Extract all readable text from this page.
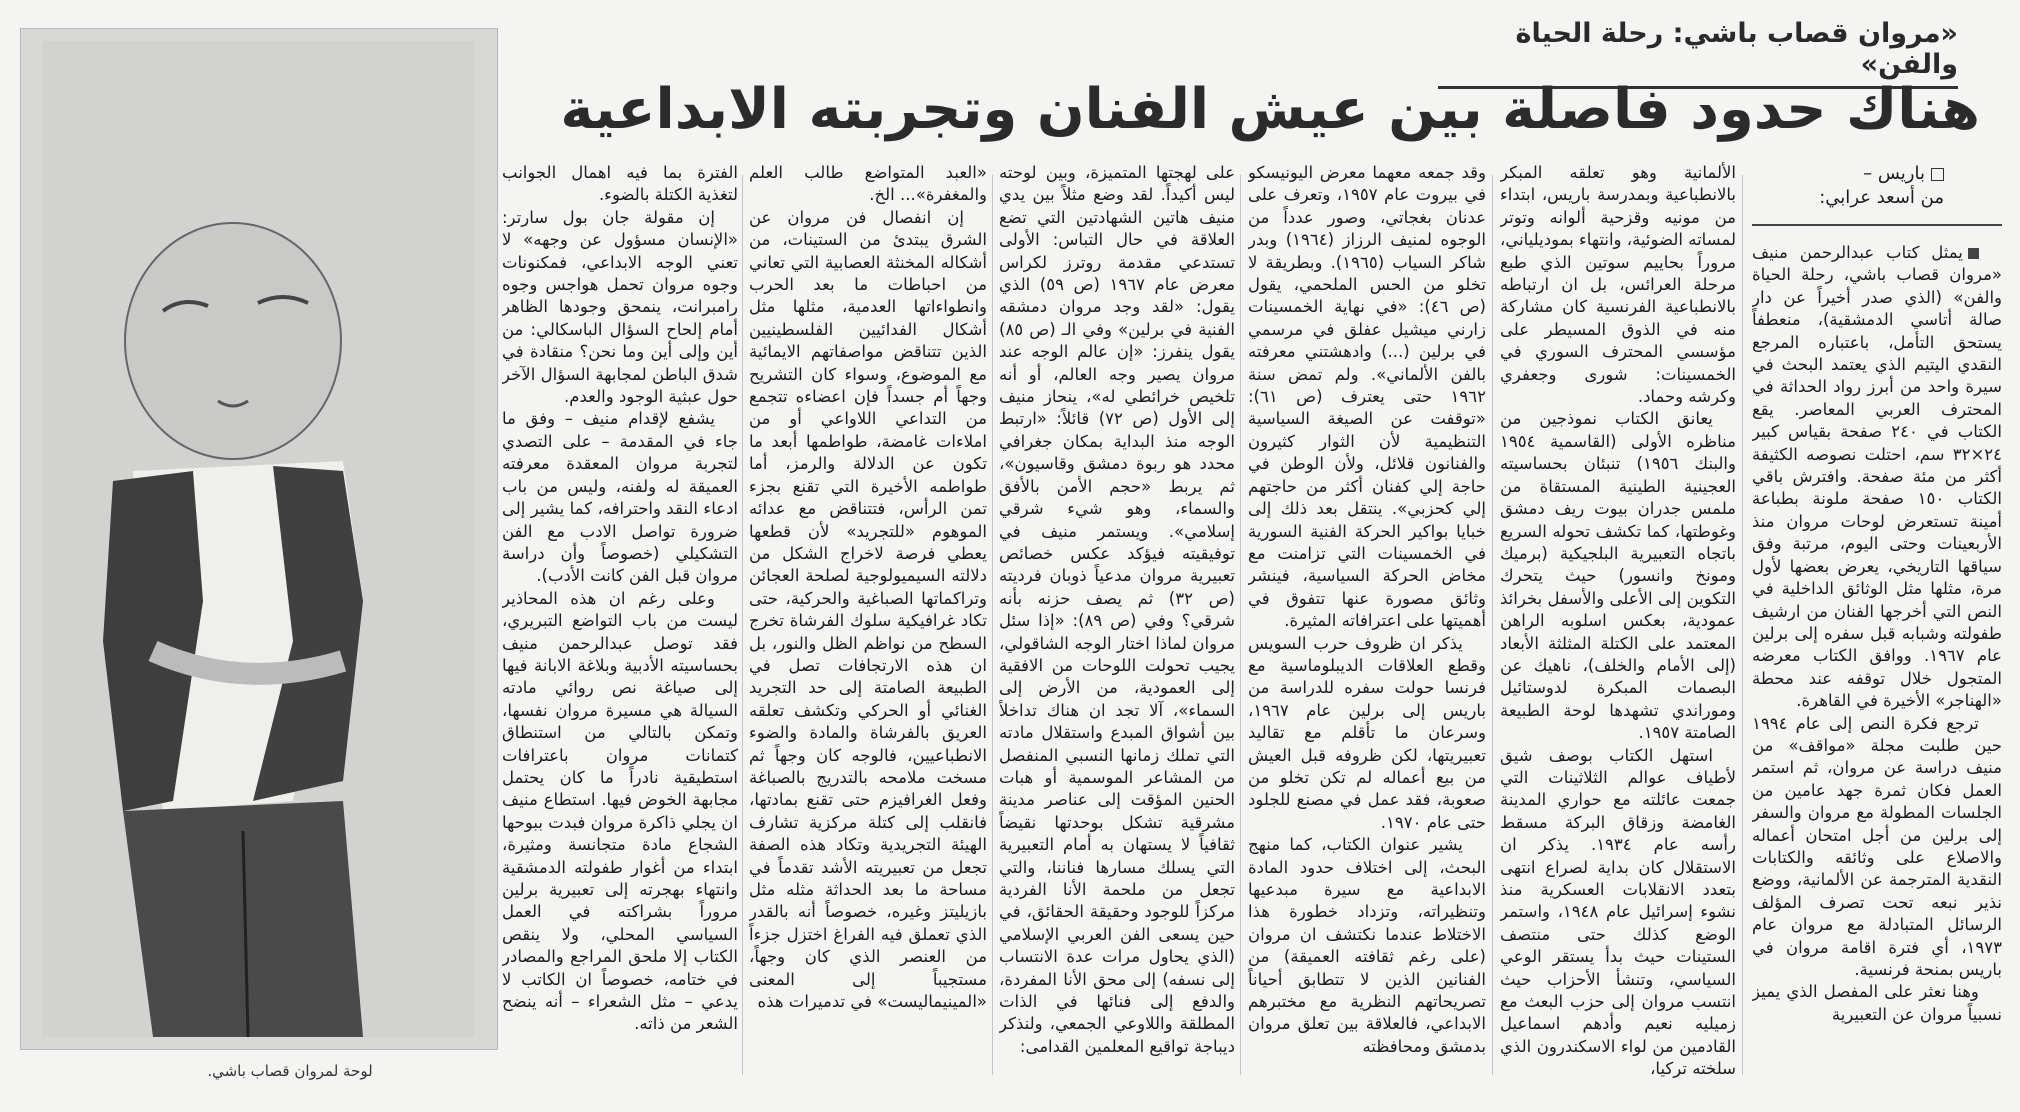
«مروان قصاب باشي: رحلة الحياة والفن»
هناك حدود فاصلة بين عيش الفنان وتجربته الابداعية
لوحة لمروان قصاب باشي.
باريس –
من أسعد عرابي:

يمثل كتاب عبدالرحمن منيف «مروان قصاب باشي، رحلة الحياة والفن» (الذي صدر أخيراً عن دار صالة أتاسي الدمشقية)، منعطفاً يستحق التأمل، باعتباره المرجع النقدي اليتيم الذي يعتمد البحث في سيرة واحد من أبرز رواد الحداثة في المحترف العربي المعاصر. يقع الكتاب في ٢٤٠ صفحة بقياس كبير ٢٤×٣٢ سم، احتلت نصوصه الكثيفة أكثر من مئة صفحة. وافترش باقي الكتاب ١٥٠ صفحة ملونة بطباعة أمينة تستعرض لوحات مروان منذ الأربعينات وحتى اليوم، مرتبة وفق سياقها التاريخي، يعرض بعضها لأول مرة، مثلها مثل الوثائق الداخلية في النص التي أخرجها الفنان من ارشيف طفولته وشبابه قبل سفره إلى برلين عام ١٩٦٧. ووافق الكتاب معرضه المتجول خلال توقفه عند محطة «الهناجر» الأخيرة في القاهرة.

ترجع فكرة النص إلى عام ١٩٩٤ حين طلبت مجلة «مواقف» من منيف دراسة عن مروان، ثم استمر العمل فكان ثمرة جهد عامين من الجلسات المطولة مع مروان والسفر إلى برلين من أجل امتحان أعماله والاصلاع على وثائقه والكتابات النقدية المترجمة عن الألمانية، ووضع نذير نبعه تحت تصرف المؤلف الرسائل المتبادلة مع مروان عام ١٩٧٣، أي فترة اقامة مروان في باريس بمنحة فرنسية.

وهنا نعثر على المفصل الذي يميز نسبياً مروان عن التعبيرية

الألمانية وهو تعلقه المبكر بالانطباعية وبمدرسة باريس، ابتداء من مونيه وقزحية ألوانه وتوتر لمساته الضوئية، وانتهاء بموديلياني، مروراً بحاييم سوتين الذي طبع مرحلة العرائس، بل ان ارتباطه بالانطباعية الفرنسية كان مشاركة منه في الذوق المسيطر على مؤسسي المحترف السوري في الخمسينات: شورى وجعفري وكرشه وحماد.

يعانق الكتاب نموذجين من مناظره الأولى (القاسمية ١٩٥٤ والبنك ١٩٥٦) تنبئان بحساسيته العجينية الطينية المستقاة من ملمس جدران بيوت ريف دمشق وغوطتها، كما تكشف تحوله السريع باتجاه التعبيرية البلجيكية (برميك ومونخ وانسور) حيث يتحرك التكوين إلى الأعلى والأسفل بخرائذ عمودية، بعكس اسلوبه الراهن المعتمد على الكتلة المثلثة الأبعاد (إلى الأمام والخلف)، ناهيك عن البصمات المبكرة لدوستائيل وموراندي تشهدها لوحة الطبيعة الصامتة ١٩٥٧.

استهل الكتاب بوصف شيق لأطياف عوالم الثلاثينات التي جمعت عائلته مع حواري المدينة الغامضة وزقاق البركة مسقط رأسه عام ١٩٣٤. يذكر ان الاستقلال كان بداية لصراع انتهى بتعدد الانقلابات العسكرية منذ نشوء إسرائيل عام ١٩٤٨، واستمر الوضع كذلك حتى منتصف الستينات حيث بدأ يستقر الوعي السياسي، وتنشأ الأحزاب حيث انتسب مروان إلى حزب البعث مع زميليه نعيم وأدهم اسماعيل القادمين من لواء الاسكندرون الذي سلخته تركيا،

وقد جمعه معهما معرض اليونيسكو في بيروت عام ١٩٥٧، وتعرف على عدنان بغجاتي، وصور عدداً من الوجوه لمنيف الرزاز (١٩٦٤) وبدر شاكر السياب (١٩٦٥). وبطريقة لا تخلو من الحس الملحمي، يقول (ص ٤٦): «في نهاية الخمسينات زارني ميشيل عفلق في مرسمي في برلين (...) وادهشتني معرفته بالفن الألماني». ولم تمض سنة ١٩٦٢ حتى يعترف (ص ٦١): «توقفت عن الصيغة السياسية التنظيمية لأن الثوار كثيرون والفنانون قلائل، ولأن الوطن في حاجة إلي كفنان أكثر من حاجتهم إلي كحزبي». ينتقل بعد ذلك إلى خبايا بواكير الحركة الفنية السورية في الخمسينات التي تزامنت مع مخاض الحركة السياسية، فينشر وثائق مصورة عنها تتفوق في أهميتها على اعترافاته المثيرة.

يذكر ان ظروف حرب السويس وقطع العلاقات الديبلوماسية مع فرنسا حولت سفره للدراسة من باريس إلى برلين عام ١٩٦٧، وسرعان ما تأقلم مع تقاليد تعبيريتها، لكن ظروفه قبل العيش من بيع أعماله لم تكن تخلو من صعوبة، فقد عمل في مصنع للجلود حتى عام ١٩٧٠.

يشير عنوان الكتاب، كما منهج البحث، إلى اختلاف حدود المادة الابداعية مع سيرة مبدعيها وتنظيراته، وتزداد خطورة هذا الاختلاط عندما نكتشف ان مروان (على رغم ثقافته العميقة) من الفنانين الذين لا تتطابق أحياناً تصريحاتهم النظرية مع مختبرهم الابداعي، فالعلاقة بين تعلق مروان بدمشق ومحافظته

على لهجتها المتميزة، وبين لوحته ليس أكيداً. لقد وضع مثلاً بين يدي منيف هاتين الشهادتين التي تضع العلاقة في حال التباس: الأولى تستدعي مقدمة روترز لكراس معرض عام ١٩٦٧ (ص ٥٩) الذي يقول: «لقد وجد مروان دمشقه الفنية في برلين» وفي الـ (ص ٨٥) يقول ينفرز: «إن عالم الوجه عند مروان يصير وجه العالم، أو أنه تلخيص خرائطي له»، ينحاز منيف إلى الأول (ص ٧٢) قائلاً: «ارتبط الوجه منذ البداية بمكان جغرافي محدد هو ربوة دمشق وقاسيون»، ثم يربط «حجم الأمن بالأفق والسماء، وهو شيء شرقي إسلامي». ويستمر منيف في توفيقيته فيؤكد عكس خصائص تعبيرية مروان مدعياً ذوبان فرديته (ص ٣٢) ثم يصف حزنه بأنه شرقي؟ وفي (ص ٨٩): «إذا سئل مروان لماذا اختار الوجه الشاقولي، يجيب تحولت اللوحات من الافقية إلى العمودية، من الأرض إلى السماء»، آلا تجد ان هناك تداخلاً بين أشواق المبدع واستقلال مادته التي تملك زمانها النسبي المنفصل من المشاعر الموسمية أو هبات الحنين المؤقت إلى عناصر مدينة مشرقية تشكل بوحدتها نقيضاً ثقافياً لا يستهان به أمام التعبيرية التي يسلك مسارها فناننا، والتي تجعل من ملحمة الأنا الفردية مركزاً للوجود وحقيقة الحقائق، في حين يسعى الفن العربي الإسلامي (الذي يحاول مرات عدة الانتساب إلى نسفه) إلى محق الأنا المفردة، والدفع إلى فنائها في الذات المطلقة واللاوعي الجمعي، ولنذكر ديباجة تواقيع المعلمين القدامى:

«العبد المتواضع طالب العلم والمغفرة»... الخ.

إن انفصال فن مروان عن الشرق يبتدئ من الستينات، من أشكاله المخنثة العصابية التي تعاني من احباطات ما بعد الحرب وانطواءاتها العدمية، مثلها مثل أشكال الفدائيين الفلسطينيين الذين تتناقض مواصفاتهم الايمائية مع الموضوع، وسواء كان التشريح وجهاً أم جسداً فإن اعضاءه تتجمع من التداعي اللاواعي أو من املاءات غامضة، طواطمها أبعد ما تكون عن الدلالة والرمز، أما طواطمه الأخيرة التي تقنع بجزء تمن الرأس، فتتناقض مع عدائه الموهوم «للتجريد» لأن قطعها يعطي فرصة لاخراج الشكل من دلالته السيميولوجية لصلحة العجائن وتراكماتها الصباغية والحركية، حتى تكاد غرافيكية سلوك الفرشاة تخرج السطح من نواظم الظل والنور، بل ان هذه الارتجافات تصل في الطبيعة الصامتة إلى حد التجريد الغنائي أو الحركي وتكشف تعلقه العريق بالفرشاة والمادة والضوء الانطباعيين، فالوجه كان وجهاً ثم مسخت ملامحه بالتدريج بالصباغة وفعل الغرافيزم حتى تقنع بمادتها، فانقلب إلى كتلة مركزية تشارف الهيئة التجريدية وتكاد هذه الصفة تجعل من تعبيريته الأشد تقدماً في مساحة ما بعد الحداثة مثله مثل بازيليتز وغيره، خصوصاً أنه بالقدر الذي تعملق فيه الفراغ اختزل جزءاً من العنصر الذي كان وجهاً، مستجيباً إلى المعنى «المينيماليست» في تدميرات هذه

الفترة بما فيه اهمال الجوانب لتغذية الكتلة بالضوء.

إن مقولة جان بول سارتر: «الإنسان مسؤول عن وجهه» لا تعني الوجه الابداعي، فمكنونات وجوه مروان تحمل هواجس وجوه رامبرانت، ينمحق وجودها الظاهر أمام إلحاح السؤال الباسكالي: من أين وإلى أين وما نحن؟ منقادة في شدق الباطن لمجابهة السؤال الآخر حول عبثية الوجود والعدم.

يشفع لإقدام منيف – وفق ما جاء في المقدمة – على التصدي لتجربة مروان المعقدة معرفته العميقة له ولفنه، وليس من باب ادعاء النقد واحترافه، كما يشير إلى ضرورة تواصل الادب مع الفن التشكيلي (خصوصاً وأن دراسة مروان قبل الفن كانت الأدب).

وعلى رغم ان هذه المحاذير ليست من باب التواضع التبريري، فقد توصل عبدالرحمن منيف بحساسيته الأدبية وبلاغة الابانة فيها إلى صياغة نص روائي مادته السيالة هي مسيرة مروان نفسها، وتمكن بالتالي من استنطاق كتمانات مروان باعترافات استطيقية نادراً ما كان يحتمل مجابهة الخوض فيها. استطاع منيف ان يجلي ذاكرة مروان فبدت ببوحها الشجاع مادة متجانسة ومثيرة، ابتداء من أغوار طفولته الدمشقية وانتهاء بهجرته إلى تعبيرية برلين مروراً بشراكته في العمل السياسي المحلي، ولا ينقص الكتاب إلا ملحق المراجع والمصادر في ختامه، خصوصاً ان الكاتب لا يدعي – مثل الشعراء – أنه ينضح الشعر من ذاته.
